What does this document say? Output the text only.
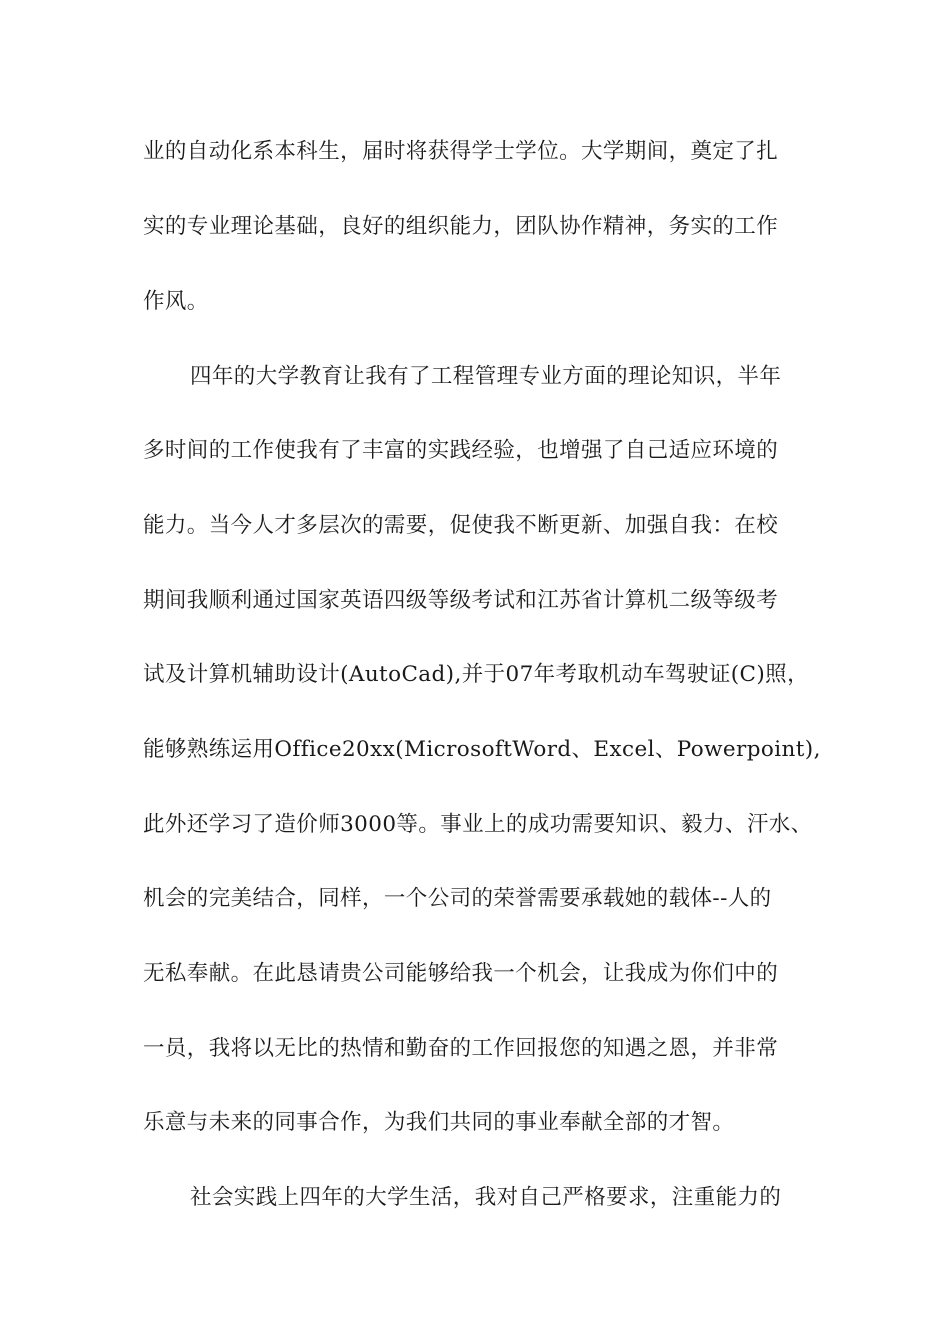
业的自动化系本科生，届时将获得学士学位。大学期间，奠定了扎
实的专业理论基础，良好的组织能力，团队协作精神，务实的工作
作风。
四年的大学教育让我有了工程管理专业方面的理论知识，半年
多时间的工作使我有了丰富的实践经验，也增强了自己适应环境的
能力。当今人才多层次的需要，促使我不断更新、加强自我：在校
期间我顺利通过国家英语四级等级考试和江苏省计算机二级等级考
试及计算机辅助设计(AutoCad),并于07年考取机动车驾驶证(C)照，
能够熟练运用Office20xx(MicrosoftWord、Excel、Powerpoint),
此外还学习了造价师3000等。事业上的成功需要知识、毅力、汗水、
机会的完美结合，同样，一个公司的荣誉需要承载她的载体--人的
无私奉献。在此恳请贵公司能够给我一个机会，让我成为你们中的
一员，我将以无比的热情和勤奋的工作回报您的知遇之恩，并非常
乐意与未来的同事合作，为我们共同的事业奉献全部的才智。
社会实践上四年的大学生活，我对自己严格要求，注重能力的
